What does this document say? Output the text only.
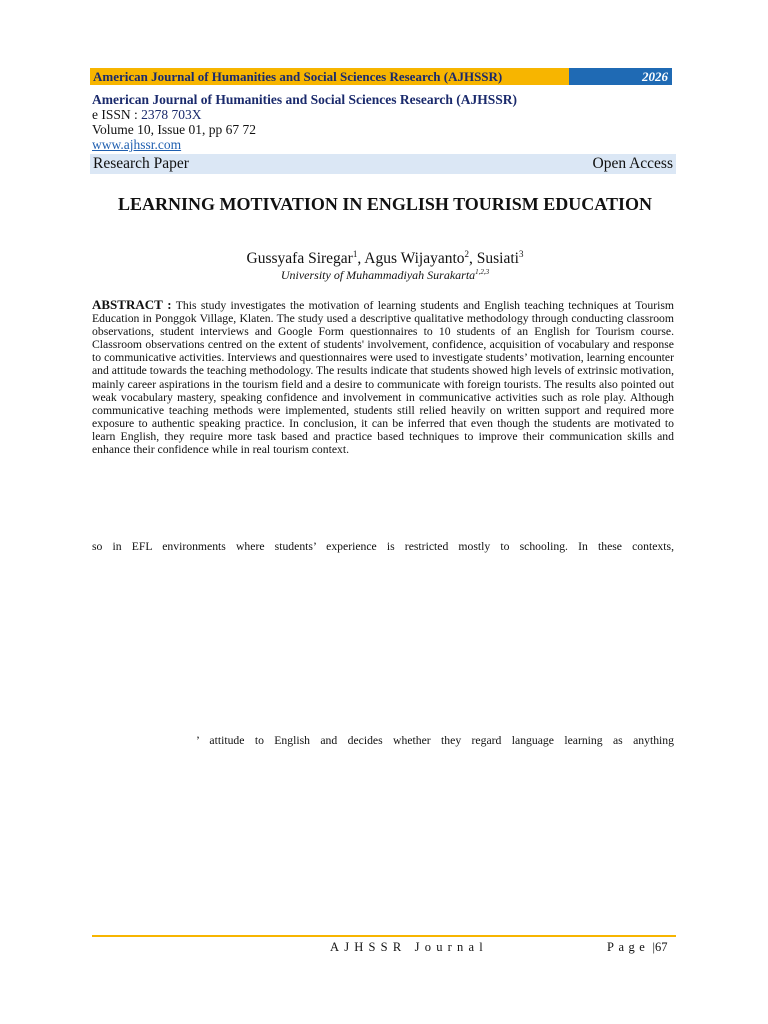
American Journal of Humanities and Social Sciences Research (AJHSSR)	2026
American Journal of Humanities and Social Sciences Research (AJHSSR)
e ISSN : 2378 703X
Volume 10, Issue 01, pp 67 72
www.ajhssr.com
Research Paper	Open Access
LEARNING MOTIVATION IN ENGLISH TOURISM EDUCATION
Gussyafa Siregar$^1$, Agus Wijayanto$^2$, Susiati$^3$
University of Muhammadiyah Surakarta$^{1,2,3}$
ABSTRACT : This study investigates the motivation of learning students and English teaching techniques at Tourism Education in Ponggok Village, Klaten. The study used a descriptive qualitative methodology through conducting classroom observations, student interviews and Google Form questionnaires to 10 students of an English for Tourism course. Classroom observations centred on the extent of students' involvement, confidence, acquisition of vocabulary and response to communicative activities. Interviews and questionnaires were used to investigate students’ motivation, learning encounter and attitude towards the teaching methodology. The results indicate that students showed high levels of extrinsic motivation, mainly career aspirations in the tourism field and a desire to communicate with foreign tourists. The results also pointed out weak vocabulary mastery, speaking confidence and involvement in communicative activities such as role play. Although communicative teaching methods were implemented, students still relied heavily on written support and required more exposure to authentic speaking practice. In conclusion, it can be inferred that even though the students are motivated to learn English, they require more task based and practice based techniques to improve their communication skills and enhance their confidence while in real tourism context.
so in EFL environments where students’ experience is restricted mostly to schooling. In these contexts,
’ attitude to English and decides whether they regard language learning as anything
AJHSSR Journal	Page |67
